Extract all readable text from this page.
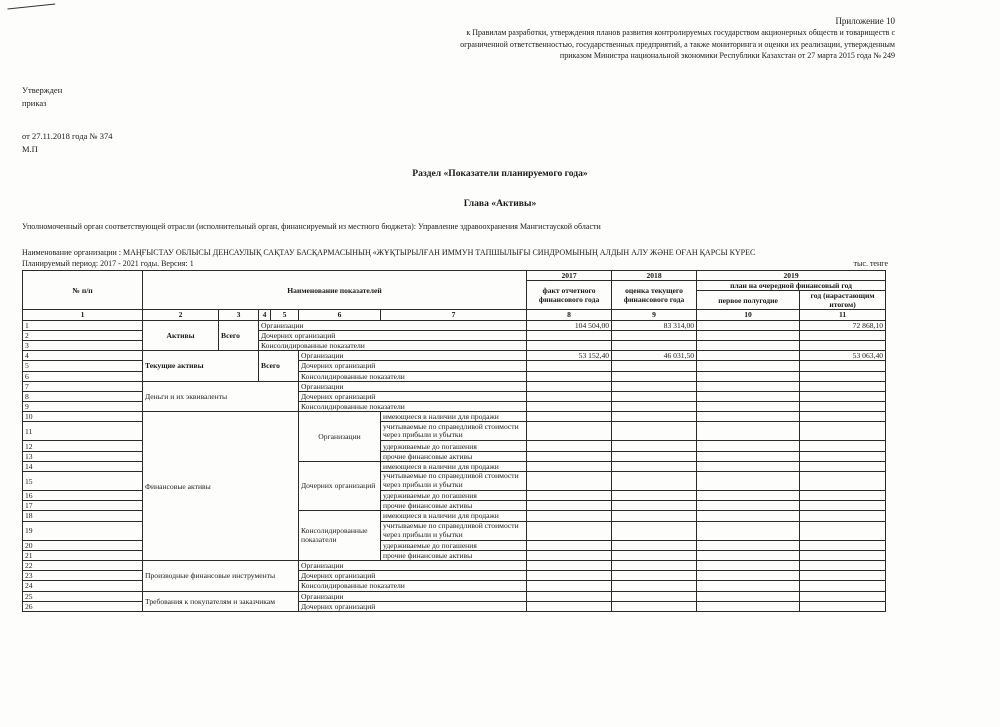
Приложение 10
к Правилам разработки, утверждения планов развития контролируемых государством акционерных обществ и товариществ с
ограниченной ответственностью, государственных предприятий, а также мониторинга и оценки их реализации, утвержденным
приказом Министра национальной экономики Республики Казахстан от 27 марта 2015 года № 249
Утвержден
приказ
от 27.11.2018 года № 374
М.П
Раздел «Показатели планируемого года»
Глава «Активы»
Уполномоченный орган соответствующей отрасли (исполнительный орган, финансируемый из местного бюджета): Управление здравоохранения Мангистауской области
Наименование организации : МАҢҒЫСТАУ ОБЛЫСЫ ДЕНСАУЛЫҚ САҚТАУ БАСҚАРМАСЫНЫҢ «ЖҰҚТЫРЫЛҒАН ИММУН ТАПШЫЛЫҒЫ СИНДРОМЫНЫҢ АЛДЫН АЛУ ЖӘНЕ ОҒАН ҚАРСЫ КҮРЕС
Планируемый период: 2017 - 2021 годы. Версия: 1	тыс. тенге
№ п/п	Наименование показателей						2017	2018	2019	
							факт отчетного финансового года	оценка текущего финансового года	план на очередной финансовый год	
									первое полугодие	год (нарастающим итогом)
1	2	3	4	5	6	7	8	9	10	11
1	Активы	Всего	Организации				104 504,00	83 314,00		72 868,10
2			Дочерних организаций							
3			Консолидированные показатели							
4	Текущие активы		Всего		Организации		53 152,40	46 031,50		53 063,40
5					Дочерних организаций					
6					Консолидированные показатели					
7	Деньги и их эквиваленты				Организации					
8					Дочерних организаций					
9					Консолидированные показатели					
10	Финансовые активы				Организации	имеющиеся в наличии для продажи				
11						учитываемые по справедливой стоимости через прибыли и убытки				
12						удерживаемые до погашения				
13						прочие финансовые активы				
14					Дочерних организаций	имеющиеся в наличии для продажи				
15						учитываемые по справедливой стоимости через прибыли и убытки				
16						удерживаемые до погашения				
17						прочие финансовые активы				
18					Консолидированные показатели	имеющиеся в наличии для продажи				
19						учитываемые по справедливой стоимости через прибыли и убытки				
20						удерживаемые до погашения				
21						прочие финансовые активы				
22	Производные финансовые инструменты				Организации					
23					Дочерних организаций					
24					Консолидированные показатели					
25	Требования к покупателям и заказчикам				Организации					
26					Дочерних организаций					
